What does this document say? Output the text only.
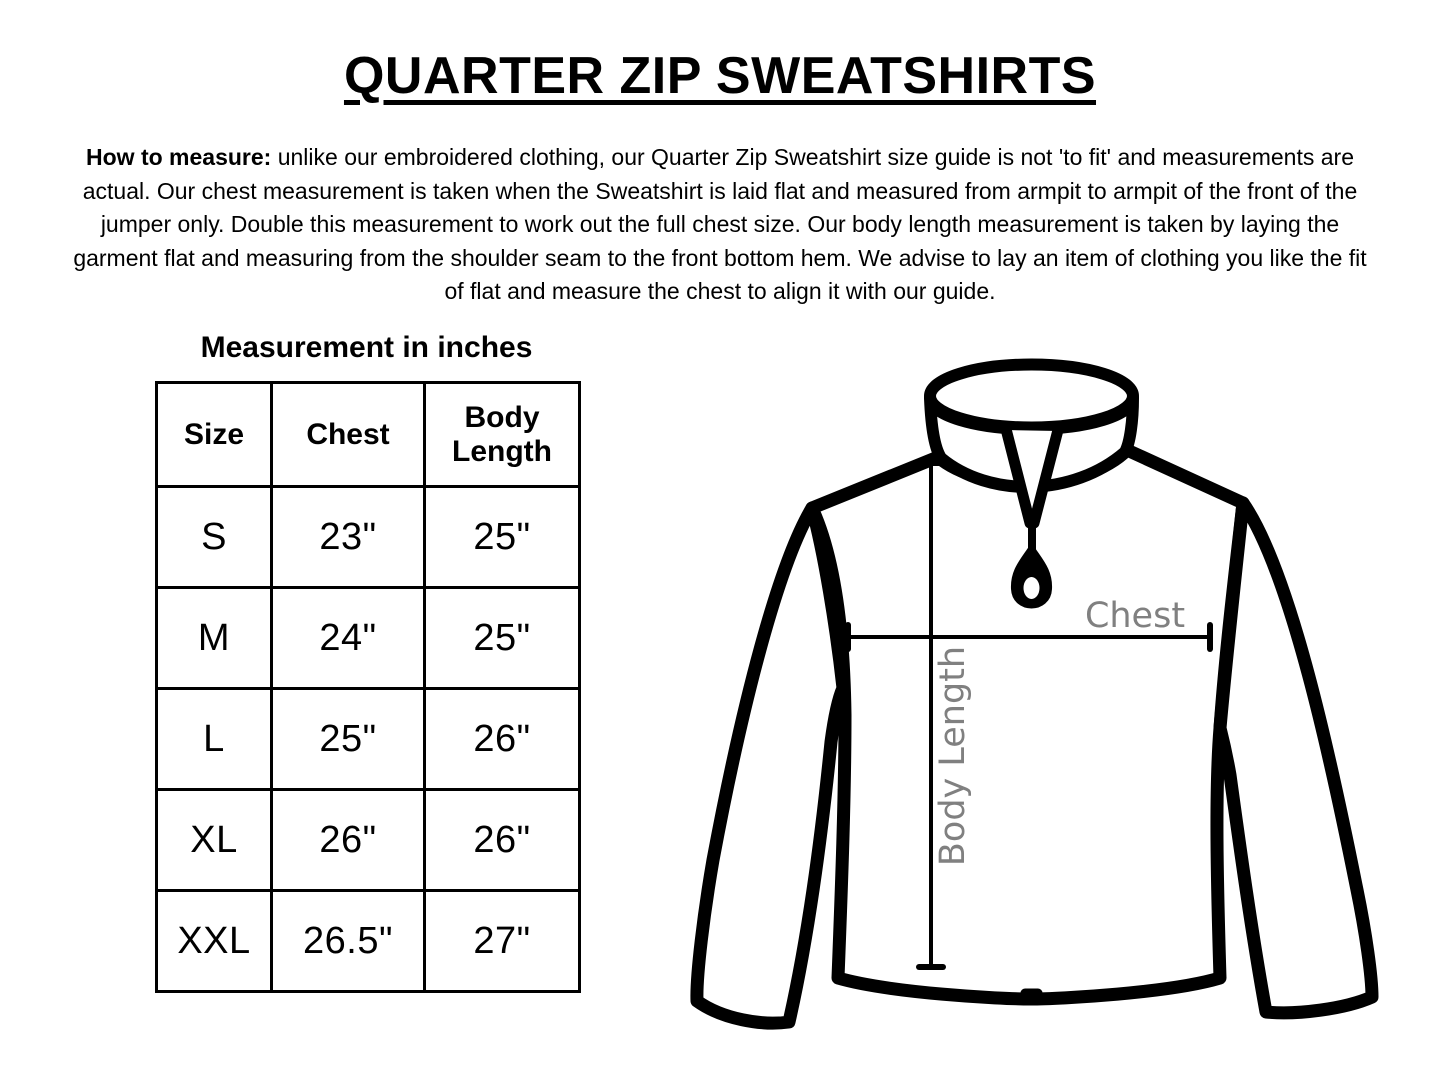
QUARTER ZIP SWEATSHIRTS
How to measure: unlike our embroidered clothing, our Quarter Zip Sweatshirt size guide is not 'to fit' and measurements are actual. Our chest measurement is taken when the Sweatshirt is laid flat and measured from armpit to armpit of the front of the jumper only. Double this measurement to work out the full chest size. Our body length measurement is taken by laying the garment flat and measuring from the shoulder seam to the front bottom hem. We advise to lay an item of clothing you like the fit of flat and measure the chest to align it with our guide.
Measurement in inches
Size	Chest	Body Length
S	23"	25"
M	24"	25"
L	25"	26"
XL	26"	26"
XXL	26.5"	27"
Chest
Body Length
